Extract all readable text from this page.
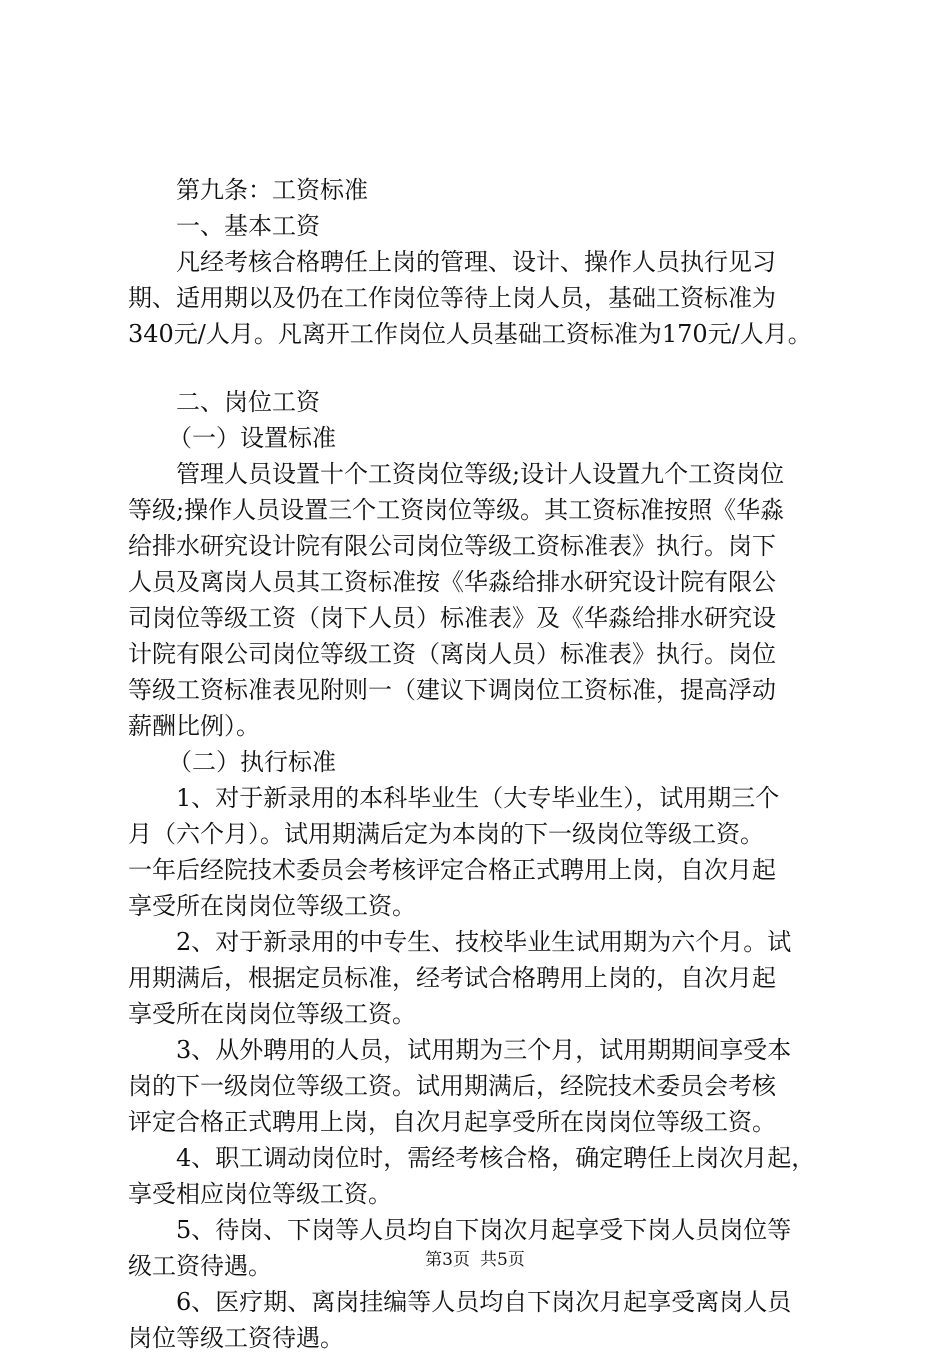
第九条：工资标准

一、基本工资

凡经考核合格聘任上岗的管理、设计、操作人员执行见习

期、适用期以及仍在工作岗位等待上岗人员，基础工资标准为

340元/人月。凡离开工作岗位人员基础工资标准为170元/人月。

二、岗位工资

（一）设置标准

管理人员设置十个工资岗位等级;设计人设置九个工资岗位

等级;操作人员设置三个工资岗位等级。其工资标准按照《华淼

给排水研究设计院有限公司岗位等级工资标准表》执行。岗下

人员及离岗人员其工资标准按《华淼给排水研究设计院有限公

司岗位等级工资（岗下人员）标准表》及《华淼给排水研究设

计院有限公司岗位等级工资（离岗人员）标准表》执行。岗位

等级工资标准表见附则一（建议下调岗位工资标准，提高浮动

薪酬比例）。

（二）执行标准

1、对于新录用的本科毕业生（大专毕业生），试用期三个

月（六个月）。试用期满后定为本岗的下一级岗位等级工资。

一年后经院技术委员会考核评定合格正式聘用上岗，自次月起

享受所在岗岗位等级工资。

2、对于新录用的中专生、技校毕业生试用期为六个月。试

用期满后，根据定员标准，经考试合格聘用上岗的，自次月起

享受所在岗岗位等级工资。

3、从外聘用的人员，试用期为三个月，试用期期间享受本

岗的下一级岗位等级工资。试用期满后，经院技术委员会考核

评定合格正式聘用上岗，自次月起享受所在岗岗位等级工资。

4、职工调动岗位时，需经考核合格，确定聘任上岗次月起，

享受相应岗位等级工资。

5、待岗、下岗等人员均自下岗次月起享受下岗人员岗位等

级工资待遇。

6、医疗期、离岗挂编等人员均自下岗次月起享受离岗人员

岗位等级工资待遇。

第3页 共5页
